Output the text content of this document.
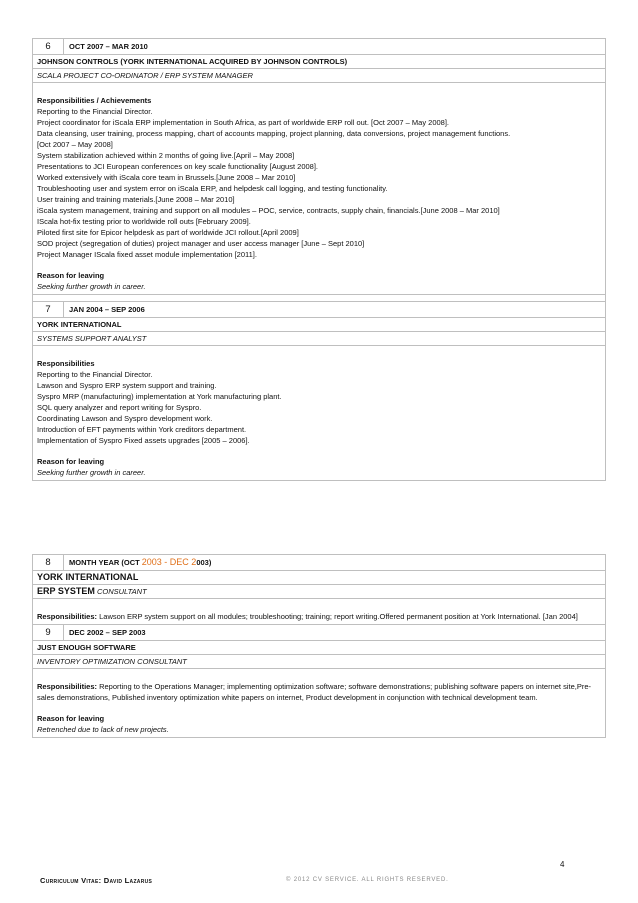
6	OCT 2007 – MAR 2010
JOHNSON CONTROLS (YORK INTERNATIONAL ACQUIRED BY JOHNSON CONTROLS)
SCALA PROJECT CO-ORDINATOR / ERP SYSTEM MANAGER
Responsibilities / Achievements
Reporting to the Financial Director.
Project coordinator for iScala ERP implementation in South Africa, as part of worldwide ERP roll out. [Oct 2007 – May 2008].
Data cleansing, user training, process mapping, chart of accounts mapping, project planning, data conversions, project management functions.
[Oct 2007 – May 2008]
System stabilization achieved within 2 months of going live.[April – May 2008]
Presentations to JCI European conferences on key scale functionality [August 2008].
Worked extensively with iScala core team in Brussels.[June 2008 – Mar 2010]
Troubleshooting user and system error on iScala ERP, and helpdesk call logging, and testing functionality.
User training and training materials.[June 2008 – Mar 2010]
iScala system management, training and support on all modules – POC, service, contracts, supply chain, financials.[June 2008 – Mar 2010]
IScala hot-fix testing prior to worldwide roll outs [February 2009].
Piloted first site for Epicor helpdesk as part of worldwide JCI rollout.[April 2009]
SOD project (segregation of duties) project manager and user access manager [June – Sept 2010]
Project Manager IScala fixed asset module implementation [2011].
Reason for leaving
Seeking further growth in career.
7	JAN 2004 – SEP 2006
YORK INTERNATIONAL
SYSTEMS SUPPORT ANALYST
Responsibilities
Reporting to the Financial Director.
Lawson and Syspro ERP system support and training.
Syspro MRP (manufacturing) implementation at York manufacturing plant.
SQL query analyzer and report writing for Syspro.
Coordinating Lawson and Syspro development work.
Introduction of EFT payments within York creditors department.
Implementation of Syspro Fixed assets upgrades [2005 – 2006].
Reason for leaving
Seeking further growth in career.
8	MONTH YEAR (OCT 2003 - DEC 2003)
YORK INTERNATIONAL
ERP SYSTEM CONSULTANT
Responsibilities: Lawson ERP system support on all modules; troubleshooting; training; report writing.Offered permanent position at York International. [Jan 2004]
9	DEC 2002 – SEP 2003
JUST ENOUGH SOFTWARE
INVENTORY OPTIMIZATION CONSULTANT
Responsibilities: Reporting to the Operations Manager; implementing optimization software; software demonstrations; publishing software papers on internet site,Pre-sales demonstrations, Published inventory optimization white papers on internet, Product development in conjunction with technical development team.
Reason for leaving
Retrenched due to lack of new projects.
4
Curriculum Vitae: David Lazarus	© 2012 CV SERVICE. ALL RIGHTS RESERVED.
